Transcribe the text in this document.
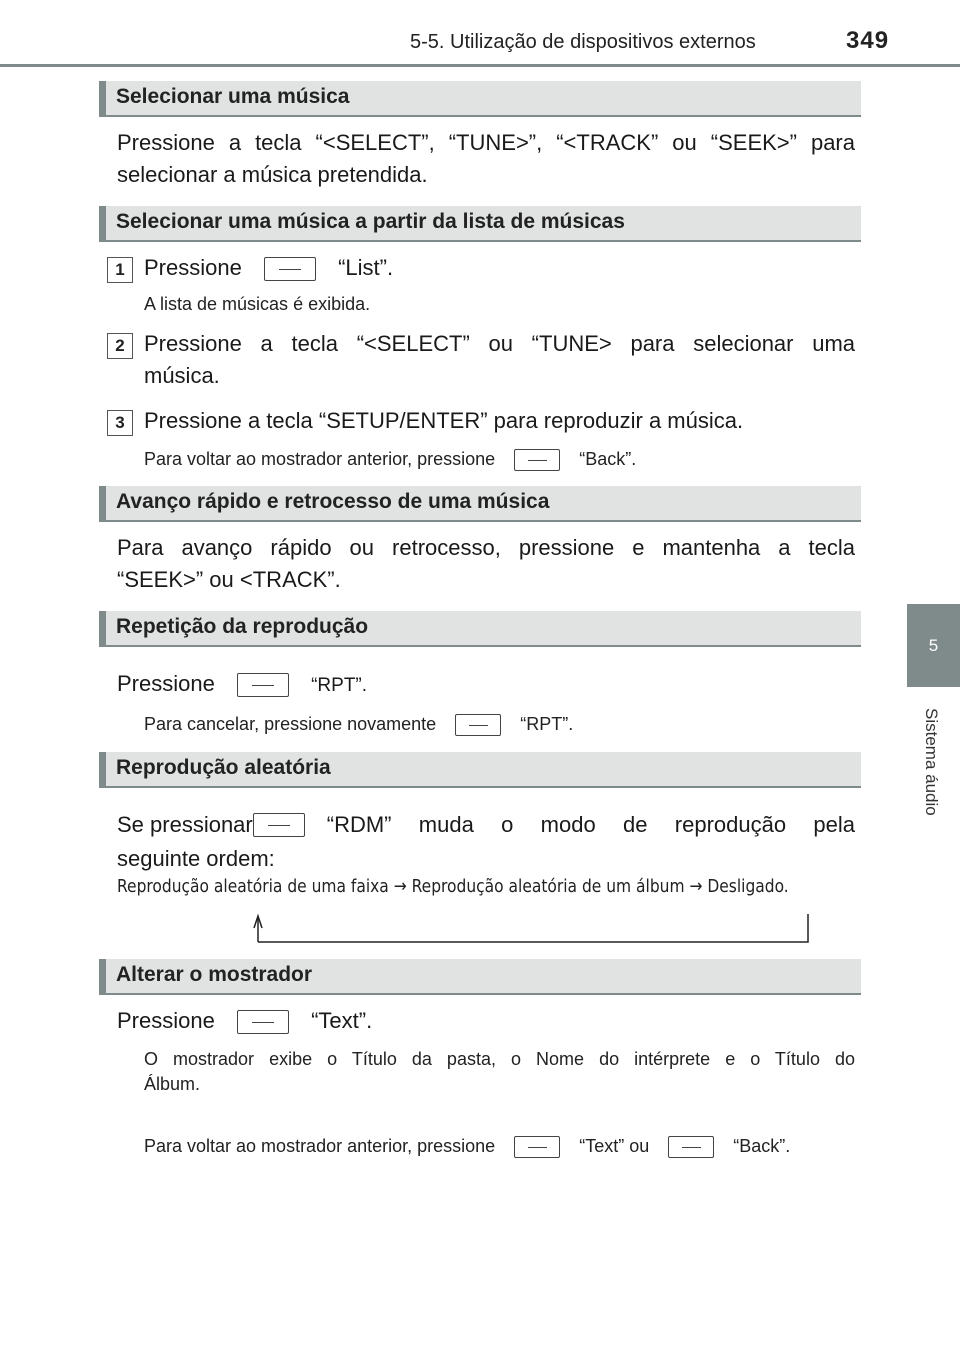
5-5. Utilização de dispositivos externos	349
5
Sistema áudio
Selecionar uma música
Pressione a tecla “<SELECT”, “TUNE>”, “<TRACK” ou “SEEK>” para
selecionar a música pretendida.
Selecionar uma música a partir da lista de músicas
1 Pressione	“List”.
A lista de músicas é exibida.
2 Pressione a tecla “<SELECT” ou “TUNE> para selecionar uma
música.
3 Pressione a tecla “SETUP/ENTER” para reproduzir a música.
Para voltar ao mostrador anterior, pressione	“Back”.
Avanço rápido e retrocesso de uma música
Para avanço rápido ou retrocesso, pressione e mantenha a tecla
“SEEK>” ou <TRACK”.
Repetição da reprodução
Pressione	“RPT”.
Para cancelar, pressione novamente	“RPT”.
Reprodução aleatória
Se pressionar	“RDM” muda o modo de reprodução pela
seguinte ordem:
Reprodução aleatória de uma faixa → Reprodução aleatória de um álbum → Desligado.
Alterar o mostrador
Pressione	“Text”.
O mostrador exibe o Título da pasta, o Nome do intérprete e o Título do
Álbum.
Para voltar ao mostrador anterior, pressione	“Text” ou	“Back”.
